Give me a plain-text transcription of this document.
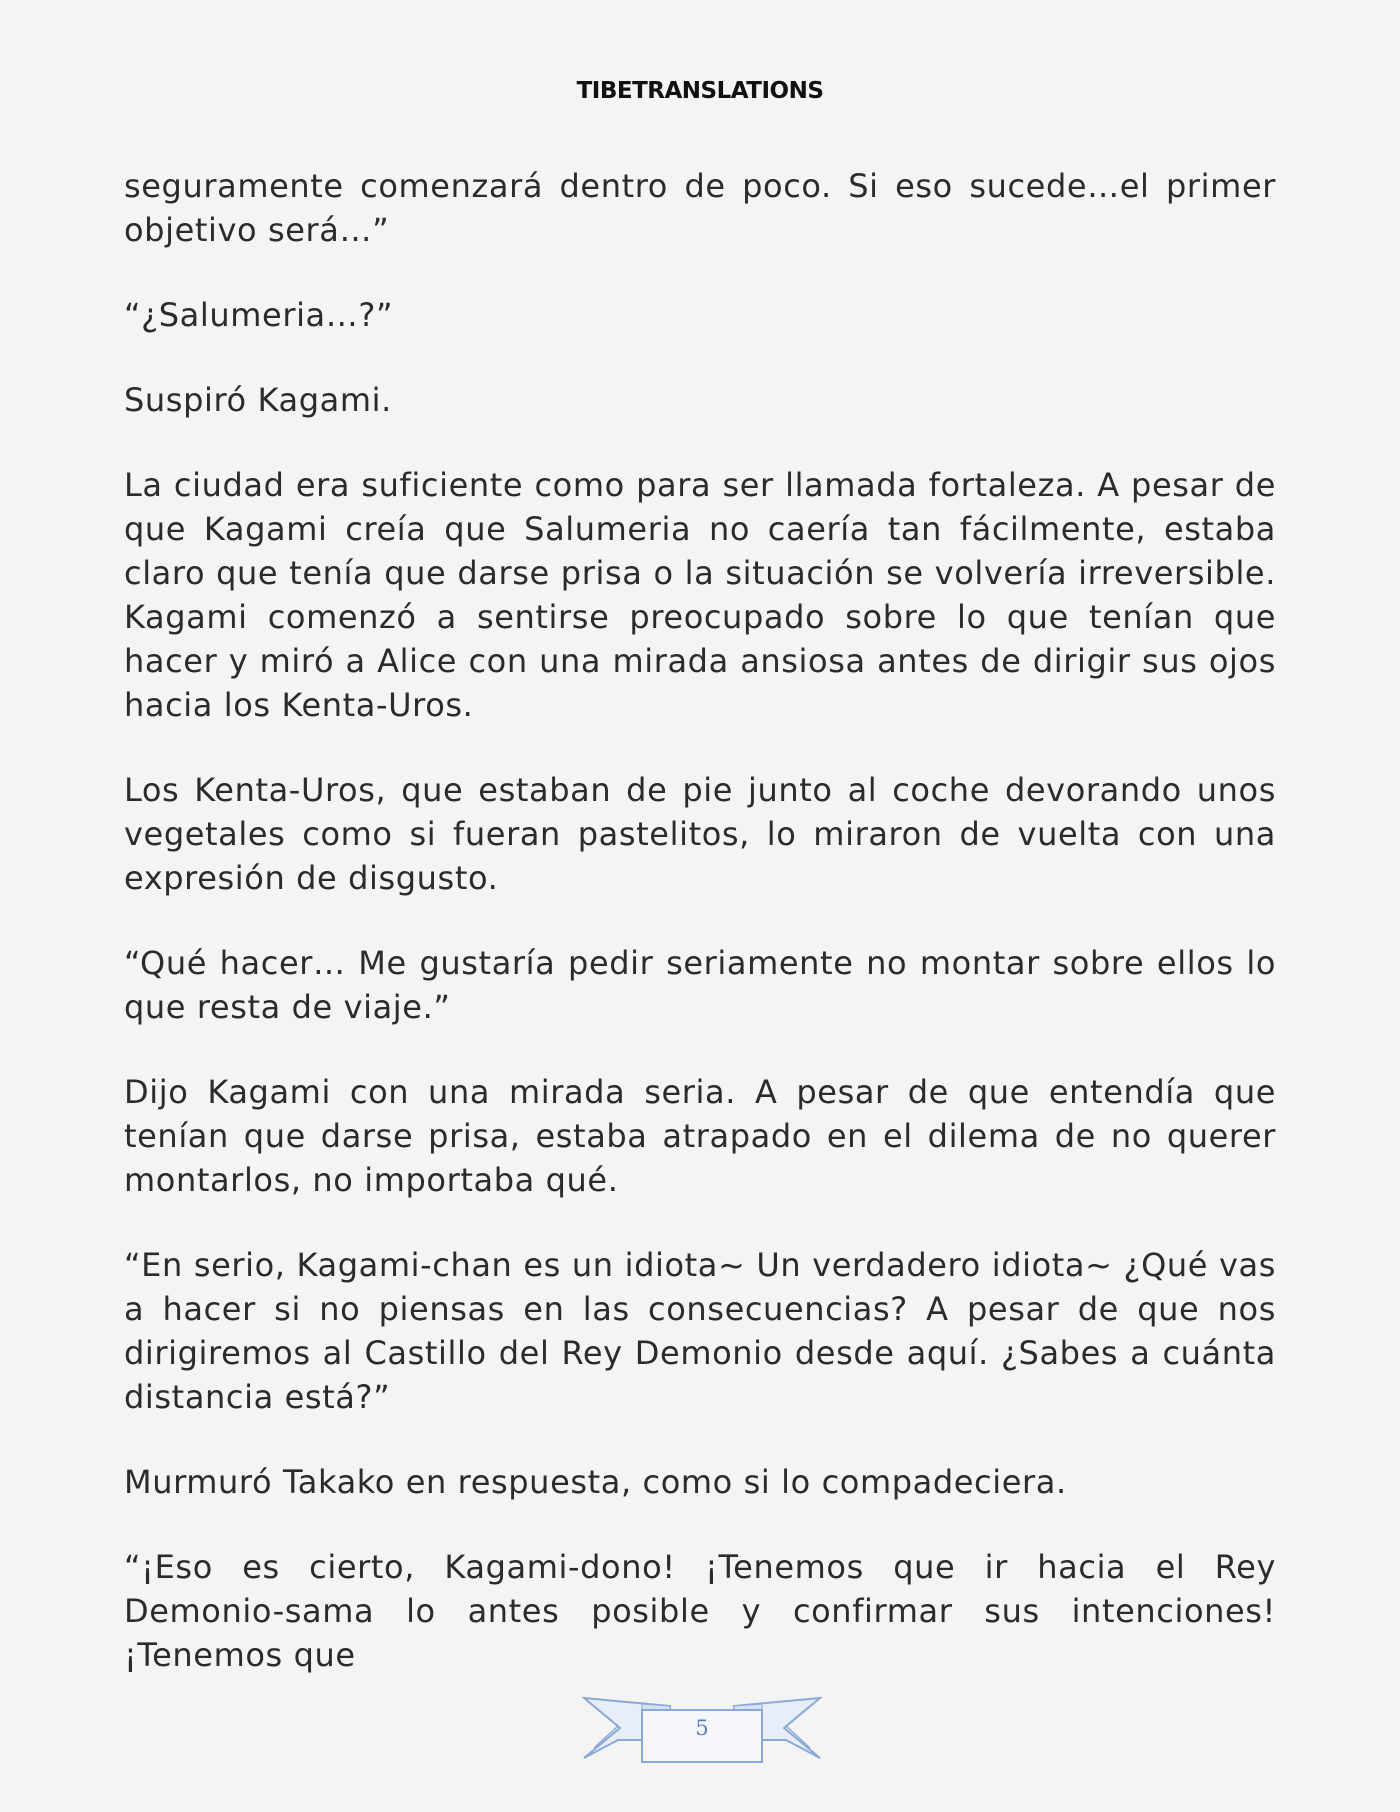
TIBETRANSLATIONS

seguramente comenzará dentro de poco. Si eso sucede…el primer objetivo será…”

“¿Salumeria…?”

Suspiró Kagami.

La ciudad era suficiente como para ser llamada fortaleza. A pesar de que Kagami creía que Salumeria no caería tan fácilmente, estaba claro que tenía que darse prisa o la situación se volvería irreversible. Kagami comenzó a sentirse preocupado sobre lo que tenían que hacer y miró a Alice con una mirada ansiosa antes de dirigir sus ojos hacia los Kenta-Uros.

Los Kenta-Uros, que estaban de pie junto al coche devorando unos vegetales como si fueran pastelitos, lo miraron de vuelta con una expresión de disgusto.

“Qué hacer… Me gustaría pedir seriamente no montar sobre ellos lo que resta de viaje.”

Dijo Kagami con una mirada seria. A pesar de que entendía que tenían que darse prisa, estaba atrapado en el dilema de no querer montarlos, no importaba qué.

“En serio, Kagami-chan es un idiota~ Un verdadero idiota~ ¿Qué vas a hacer si no piensas en las consecuencias? A pesar de que nos dirigiremos al Castillo del Rey Demonio desde aquí. ¿Sabes a cuánta distancia está?”

Murmuró Takako en respuesta, como si lo compadeciera.

“¡Eso es cierto, Kagami-dono! ¡Tenemos que ir hacia el Rey Demonio-sama lo antes posible y confirmar sus intenciones! ¡Tenemos que

5
